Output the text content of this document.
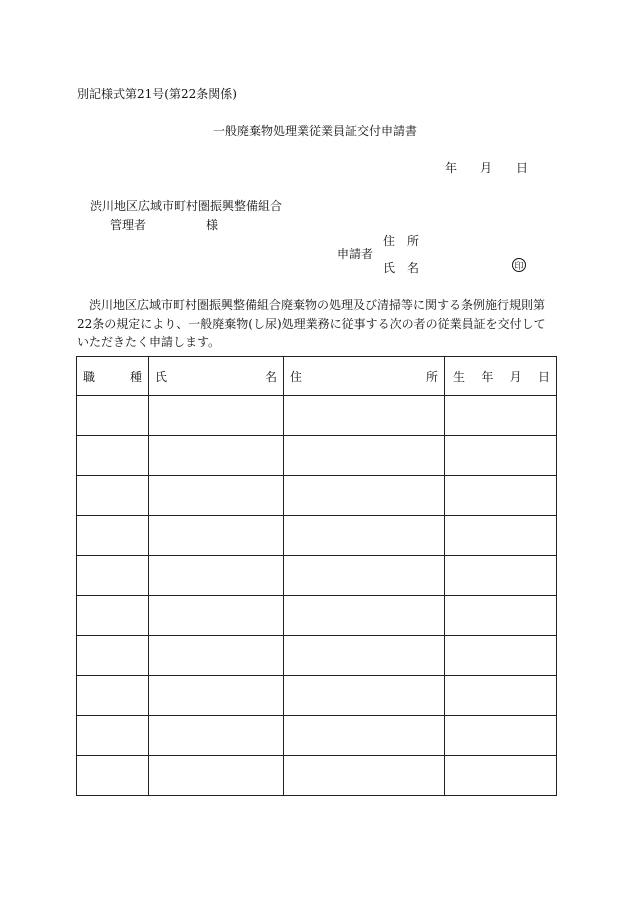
別記様式第21号(第22条関係)
一般廃棄物処理業従業員証交付申請書
年 月 日
渋川地区広域市町村圏振興整備組合
管理者	様
申請者
住　所
氏　名	印
渋川地区広域市町村圏振興整備組合廃棄物の処理及び清掃等に関する条例施行規則第22条の規定により、一般廃棄物(し尿)処理業務に従事する次の者の従業員証を交付していただきたく申請します。
職 種	氏 名	住 所	生 年 月 日
